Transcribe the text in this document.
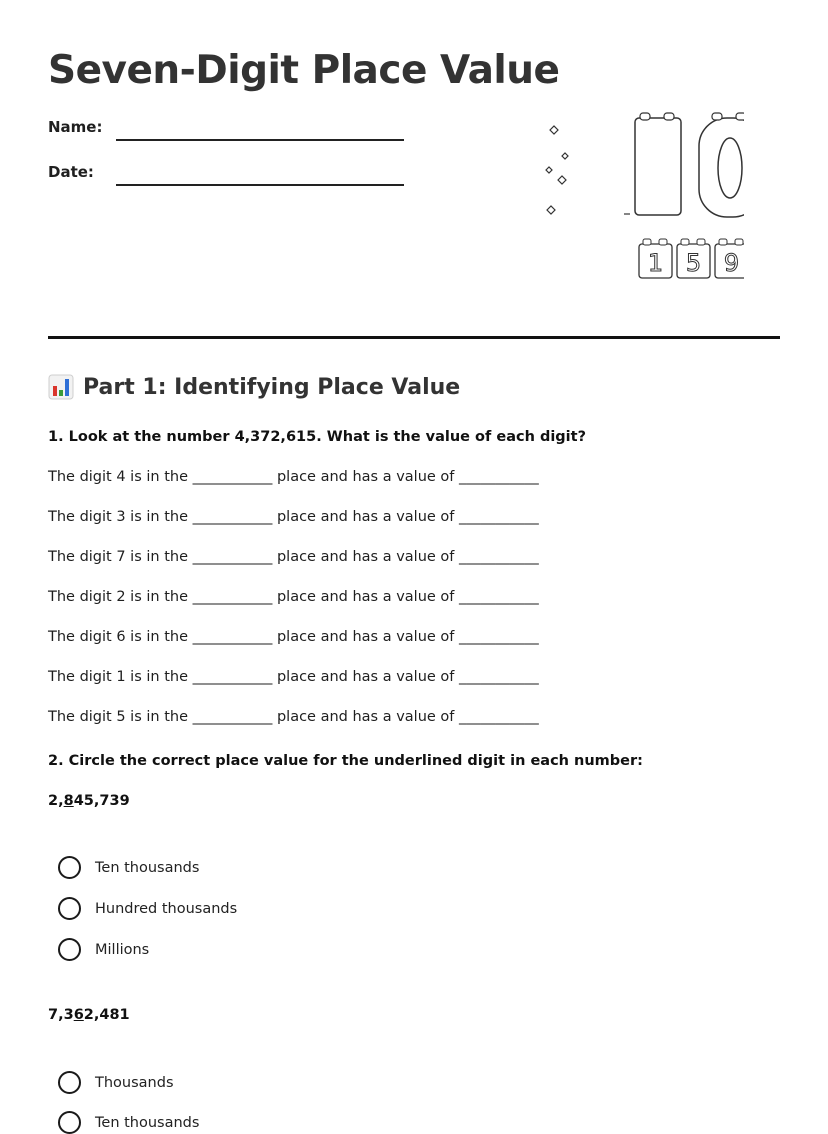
Seven-Digit Place Value
Name:
Date:
1 5 9
Part 1: Identifying Place Value
1. Look at the number 4,372,615. What is the value of each digit?
The digit 4 is in the ___________ place and has a value of ___________
The digit 3 is in the ___________ place and has a value of ___________
The digit 7 is in the ___________ place and has a value of ___________
The digit 2 is in the ___________ place and has a value of ___________
The digit 6 is in the ___________ place and has a value of ___________
The digit 1 is in the ___________ place and has a value of ___________
The digit 5 is in the ___________ place and has a value of ___________
2. Circle the correct place value for the underlined digit in each number:
2,845,739
Ten thousands
Hundred thousands
Millions
7,362,481
Thousands
Ten thousands
